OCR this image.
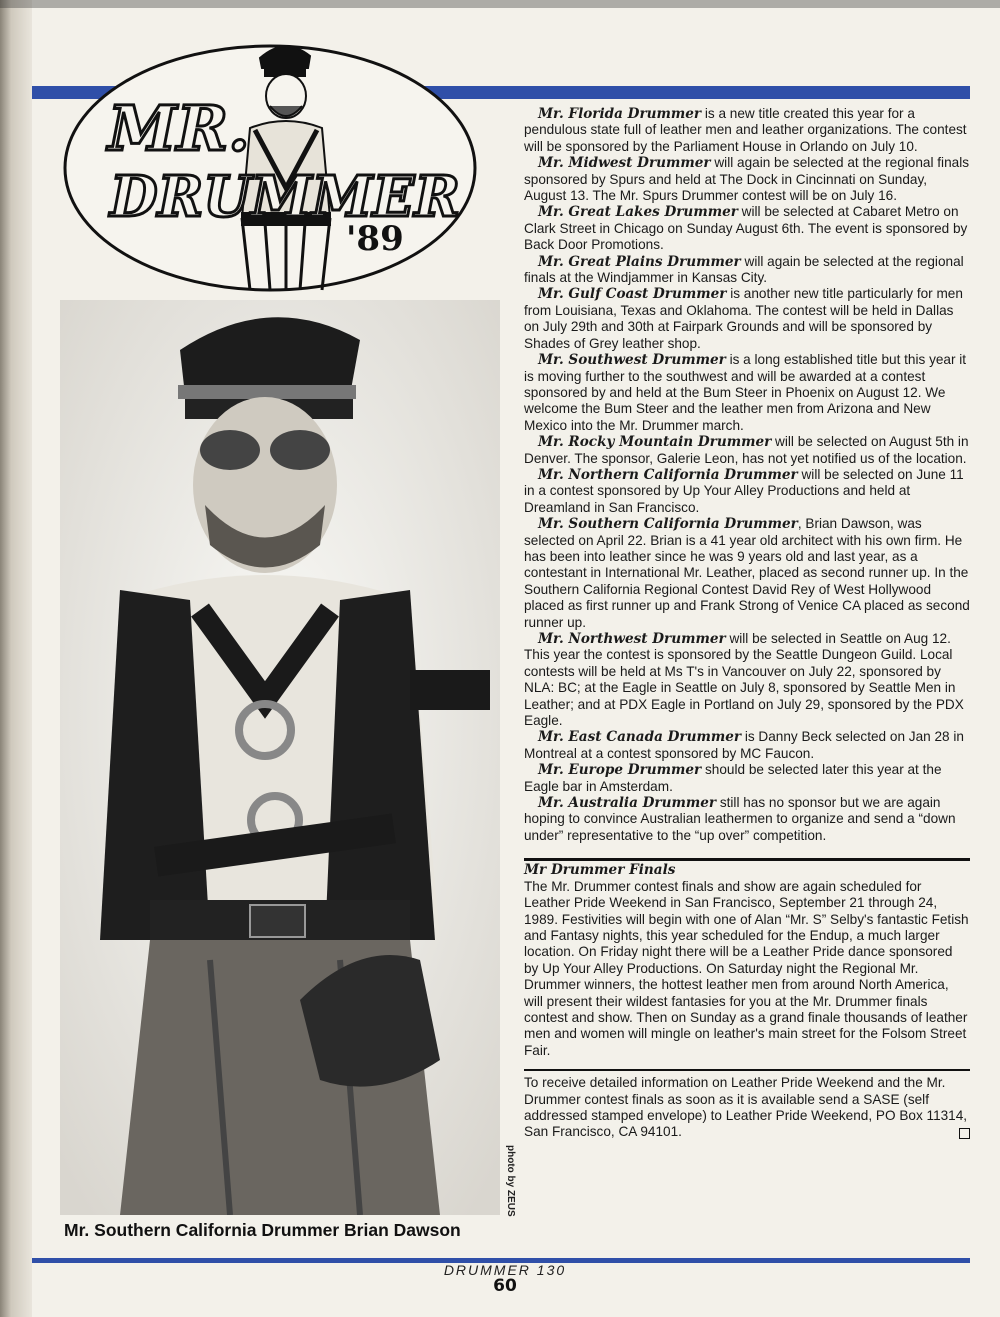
MR.
DRUMMER
'89
photo by ZEUS
Mr. Southern California Drummer Brian Dawson

Mr. Florida Drummer is a new title created this year for a pendulous state full of leather men and leather organizations. The contest will be sponsored by the Parliament House in Orlando on July 10.

Mr. Midwest Drummer will again be selected at the regional finals sponsored by Spurs and held at The Dock in Cincinnati on Sunday, August 13. The Mr. Spurs Drummer contest will be on July 16.

Mr. Great Lakes Drummer will be selected at Cabaret Metro on Clark Street in Chicago on Sunday August 6th. The event is sponsored by Back Door Promotions.

Mr. Great Plains Drummer will again be selected at the regional finals at the Windjammer in Kansas City.

Mr. Gulf Coast Drummer is another new title particularly for men from Louisiana, Texas and Oklahoma. The contest will be held in Dallas on July 29th and 30th at Fairpark Grounds and will be sponsored by Shades of Grey leather shop.

Mr. Southwest Drummer is a long established title but this year it is moving further to the southwest and will be awarded at a contest sponsored by and held at the Bum Steer in Phoenix on August 12. We welcome the Bum Steer and the leather men from Arizona and New Mexico into the Mr. Drummer march.

Mr. Rocky Mountain Drummer will be selected on August 5th in Denver. The sponsor, Galerie Leon, has not yet notified us of the location.

Mr. Northern California Drummer will be selected on June 11 in a contest sponsored by Up Your Alley Productions and held at Dreamland in San Francisco.

Mr. Southern California Drummer, Brian Dawson, was selected on April 22. Brian is a 41 year old architect with his own firm. He has been into leather since he was 9 years old and last year, as a contestant in International Mr. Leather, placed as second runner up. In the Southern California Regional Contest David Rey of West Hollywood placed as first runner up and Frank Strong of Venice CA placed as second runner up.

Mr. Northwest Drummer will be selected in Seattle on Aug 12. This year the contest is sponsored by the Seattle Dungeon Guild. Local contests will be held at Ms T's in Vancouver on July 22, sponsored by NLA: BC; at the Eagle in Seattle on July 8, sponsored by Seattle Men in Leather; and at PDX Eagle in Portland on July 29, sponsored by the PDX Eagle.

Mr. East Canada Drummer is Danny Beck selected on Jan 28 in Montreal at a contest sponsored by MC Faucon.

Mr. Europe Drummer should be selected later this year at the Eagle bar in Amsterdam.

Mr. Australia Drummer still has no sponsor but we are again hoping to convince Australian leathermen to organize and send a “down under” representative to the “up over” competition.

Mr Drummer Finals

The Mr. Drummer contest finals and show are again scheduled for Leather Pride Weekend in San Francisco, September 21 through 24, 1989. Festivities will begin with one of Alan “Mr. S” Selby's fantastic Fetish and Fantasy nights, this year scheduled for the Endup, a much larger location. On Friday night there will be a Leather Pride dance sponsored by Up Your Alley Productions. On Saturday night the Regional Mr. Drummer winners, the hottest leather men from around North America, will present their wildest fantasies for you at the Mr. Drummer finals contest and show. Then on Sunday as a grand finale thousands of leather men and women will mingle on leather's main street for the Folsom Street Fair.

To receive detailed information on Leather Pride Weekend and the Mr. Drummer contest finals as soon as it is available send a SASE (self addressed stamped envelope) to Leather Pride Weekend, PO Box 11314, San Francisco, CA 94101.

DRUMMER 130
60
